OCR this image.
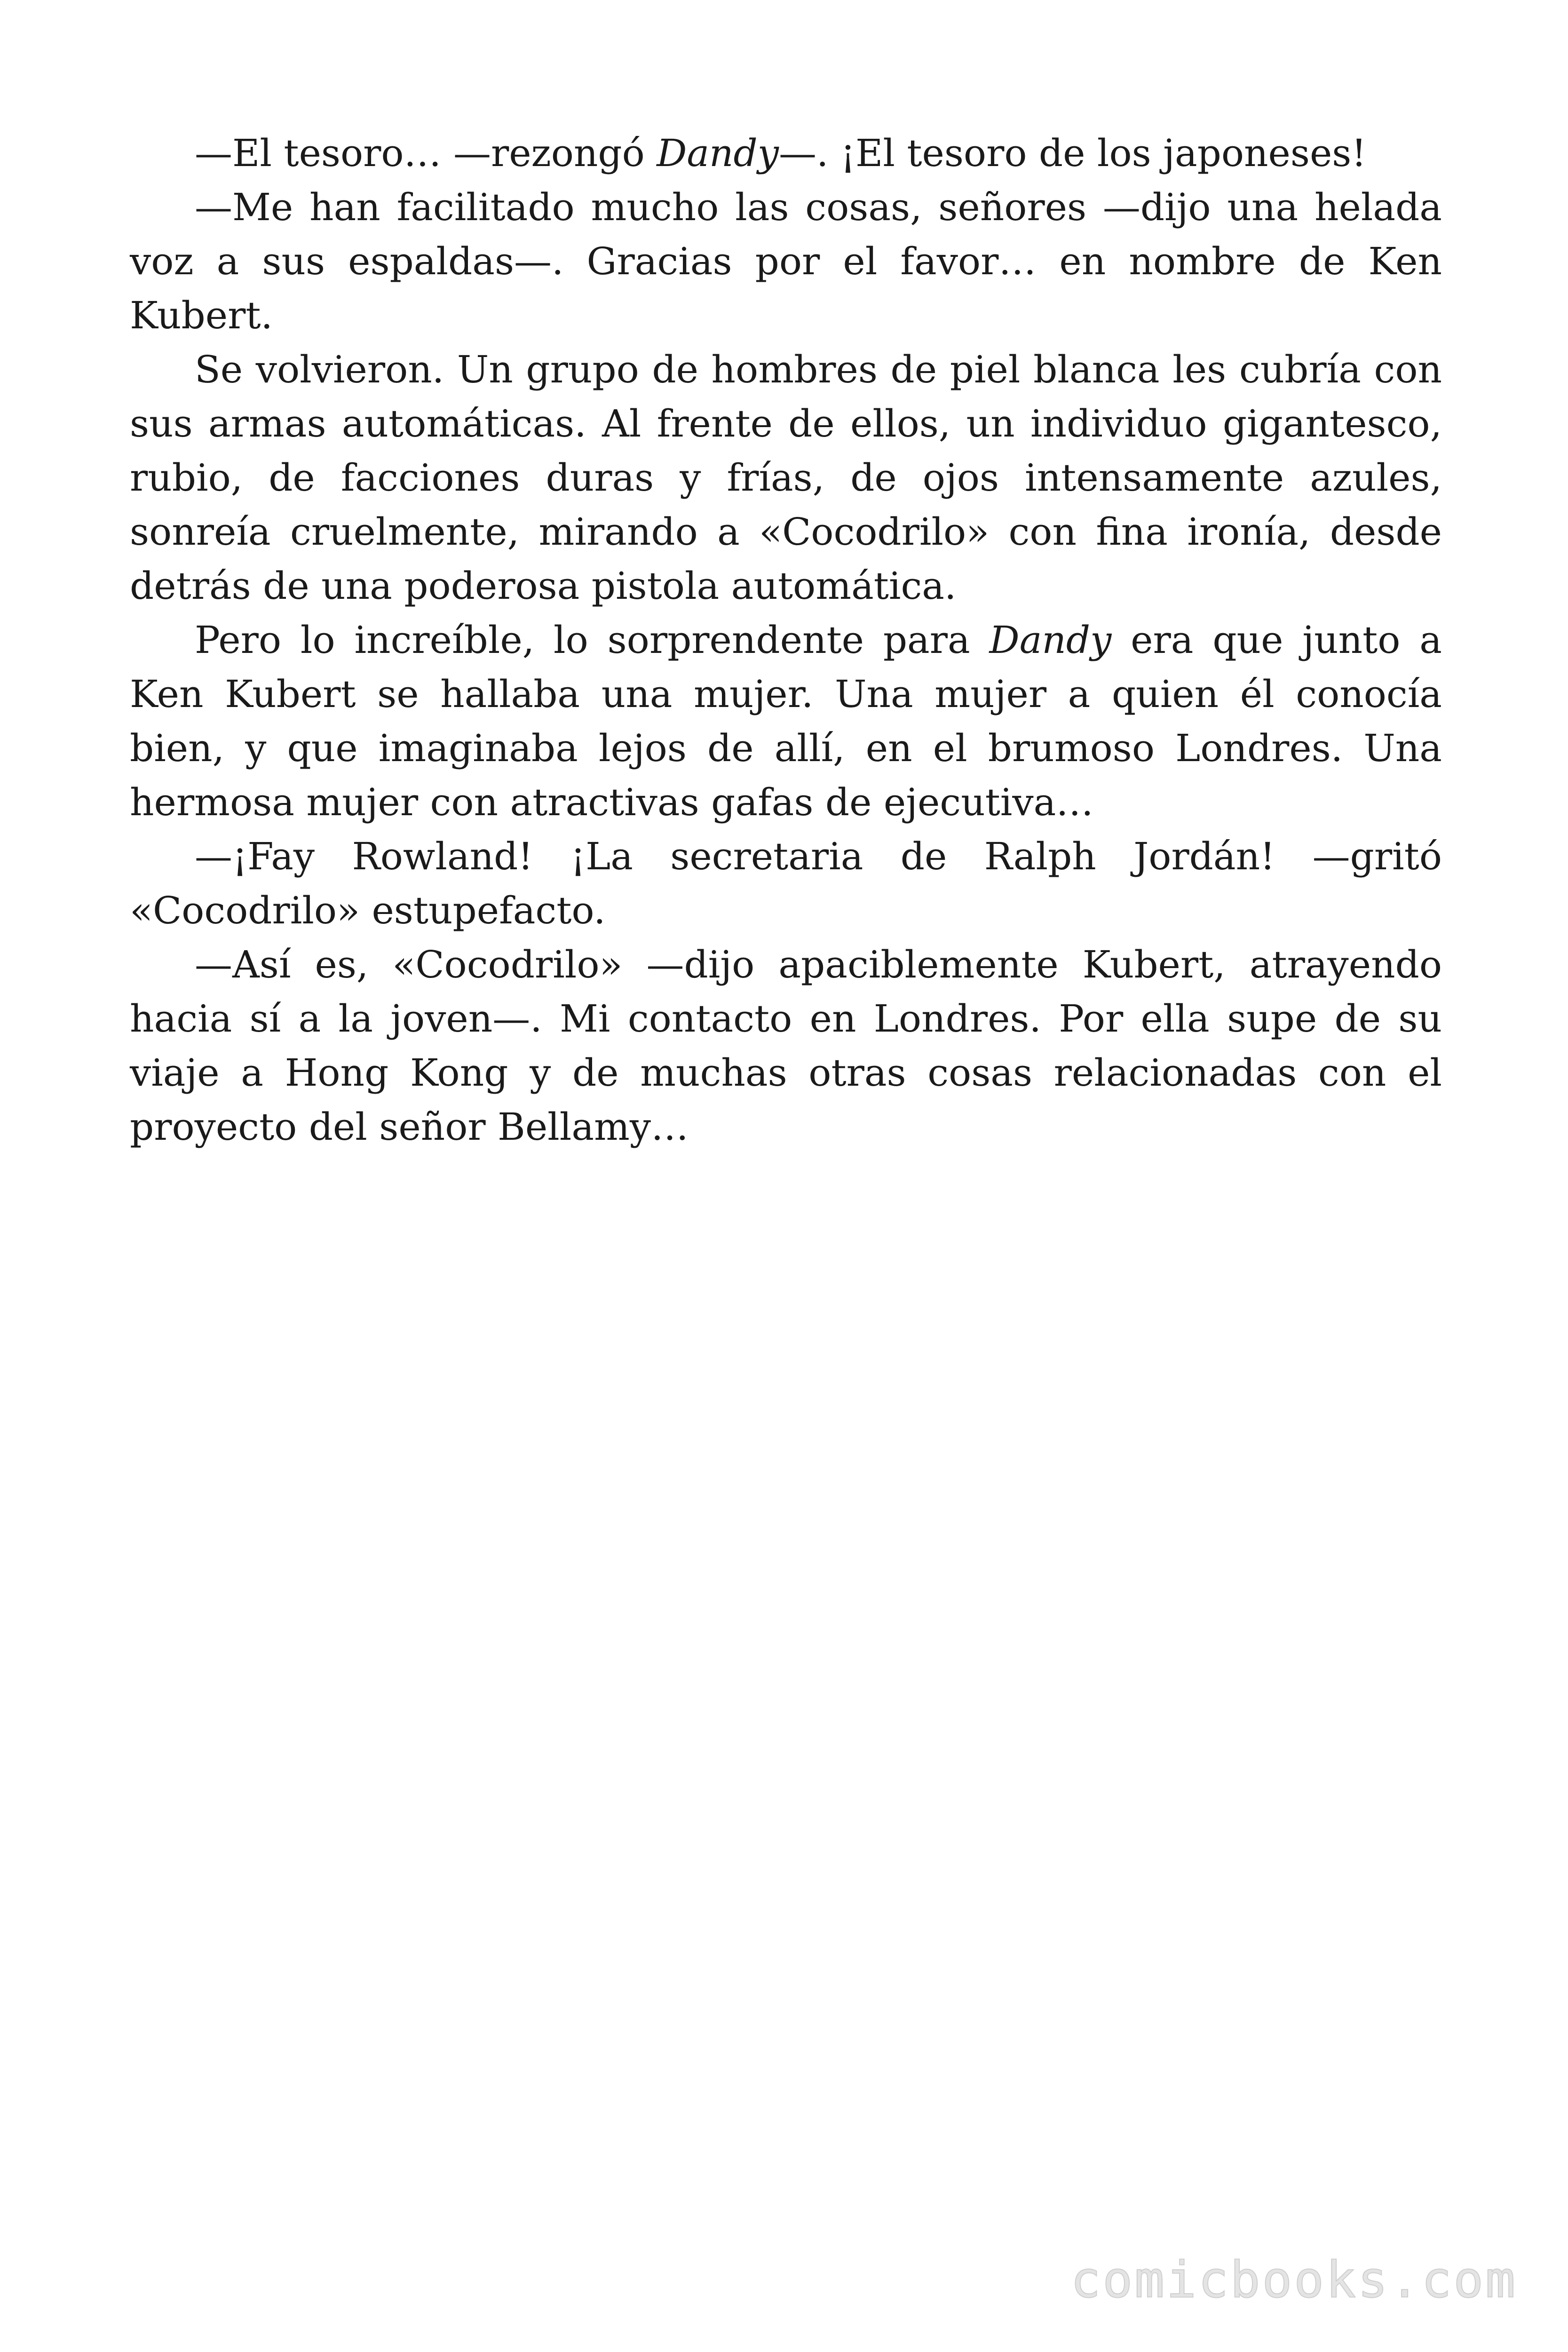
—El tesoro… —rezongó Dandy—. ¡El tesoro de los japoneses!

—Me han facilitado mucho las cosas, señores —dijo una helada voz a sus espaldas—. Gracias por el favor… en nombre de Ken Kubert.

Se volvieron. Un grupo de hombres de piel blanca les cubría con sus armas automáticas. Al frente de ellos, un individuo gigantesco, rubio, de facciones duras y frías, de ojos intensamente azules, sonreía cruelmente, mirando a «Cocodrilo» con fina ironía, desde detrás de una poderosa pistola automática.

Pero lo increíble, lo sorprendente para Dandy era que junto a Ken Kubert se hallaba una mujer. Una mujer a quien él conocía bien, y que imaginaba lejos de allí, en el brumoso Londres. Una hermosa mujer con atractivas gafas de ejecutiva…

—¡Fay Rowland! ¡La secretaria de Ralph Jordán! —gritó «Cocodrilo» estupefacto.

—Así es, «Cocodrilo» —dijo apaciblemente Kubert, atrayendo hacia sí a la joven—. Mi contacto en Londres. Por ella supe de su viaje a Hong Kong y de muchas otras cosas relacionadas con el proyecto del señor Bellamy…

comicbooks.com
